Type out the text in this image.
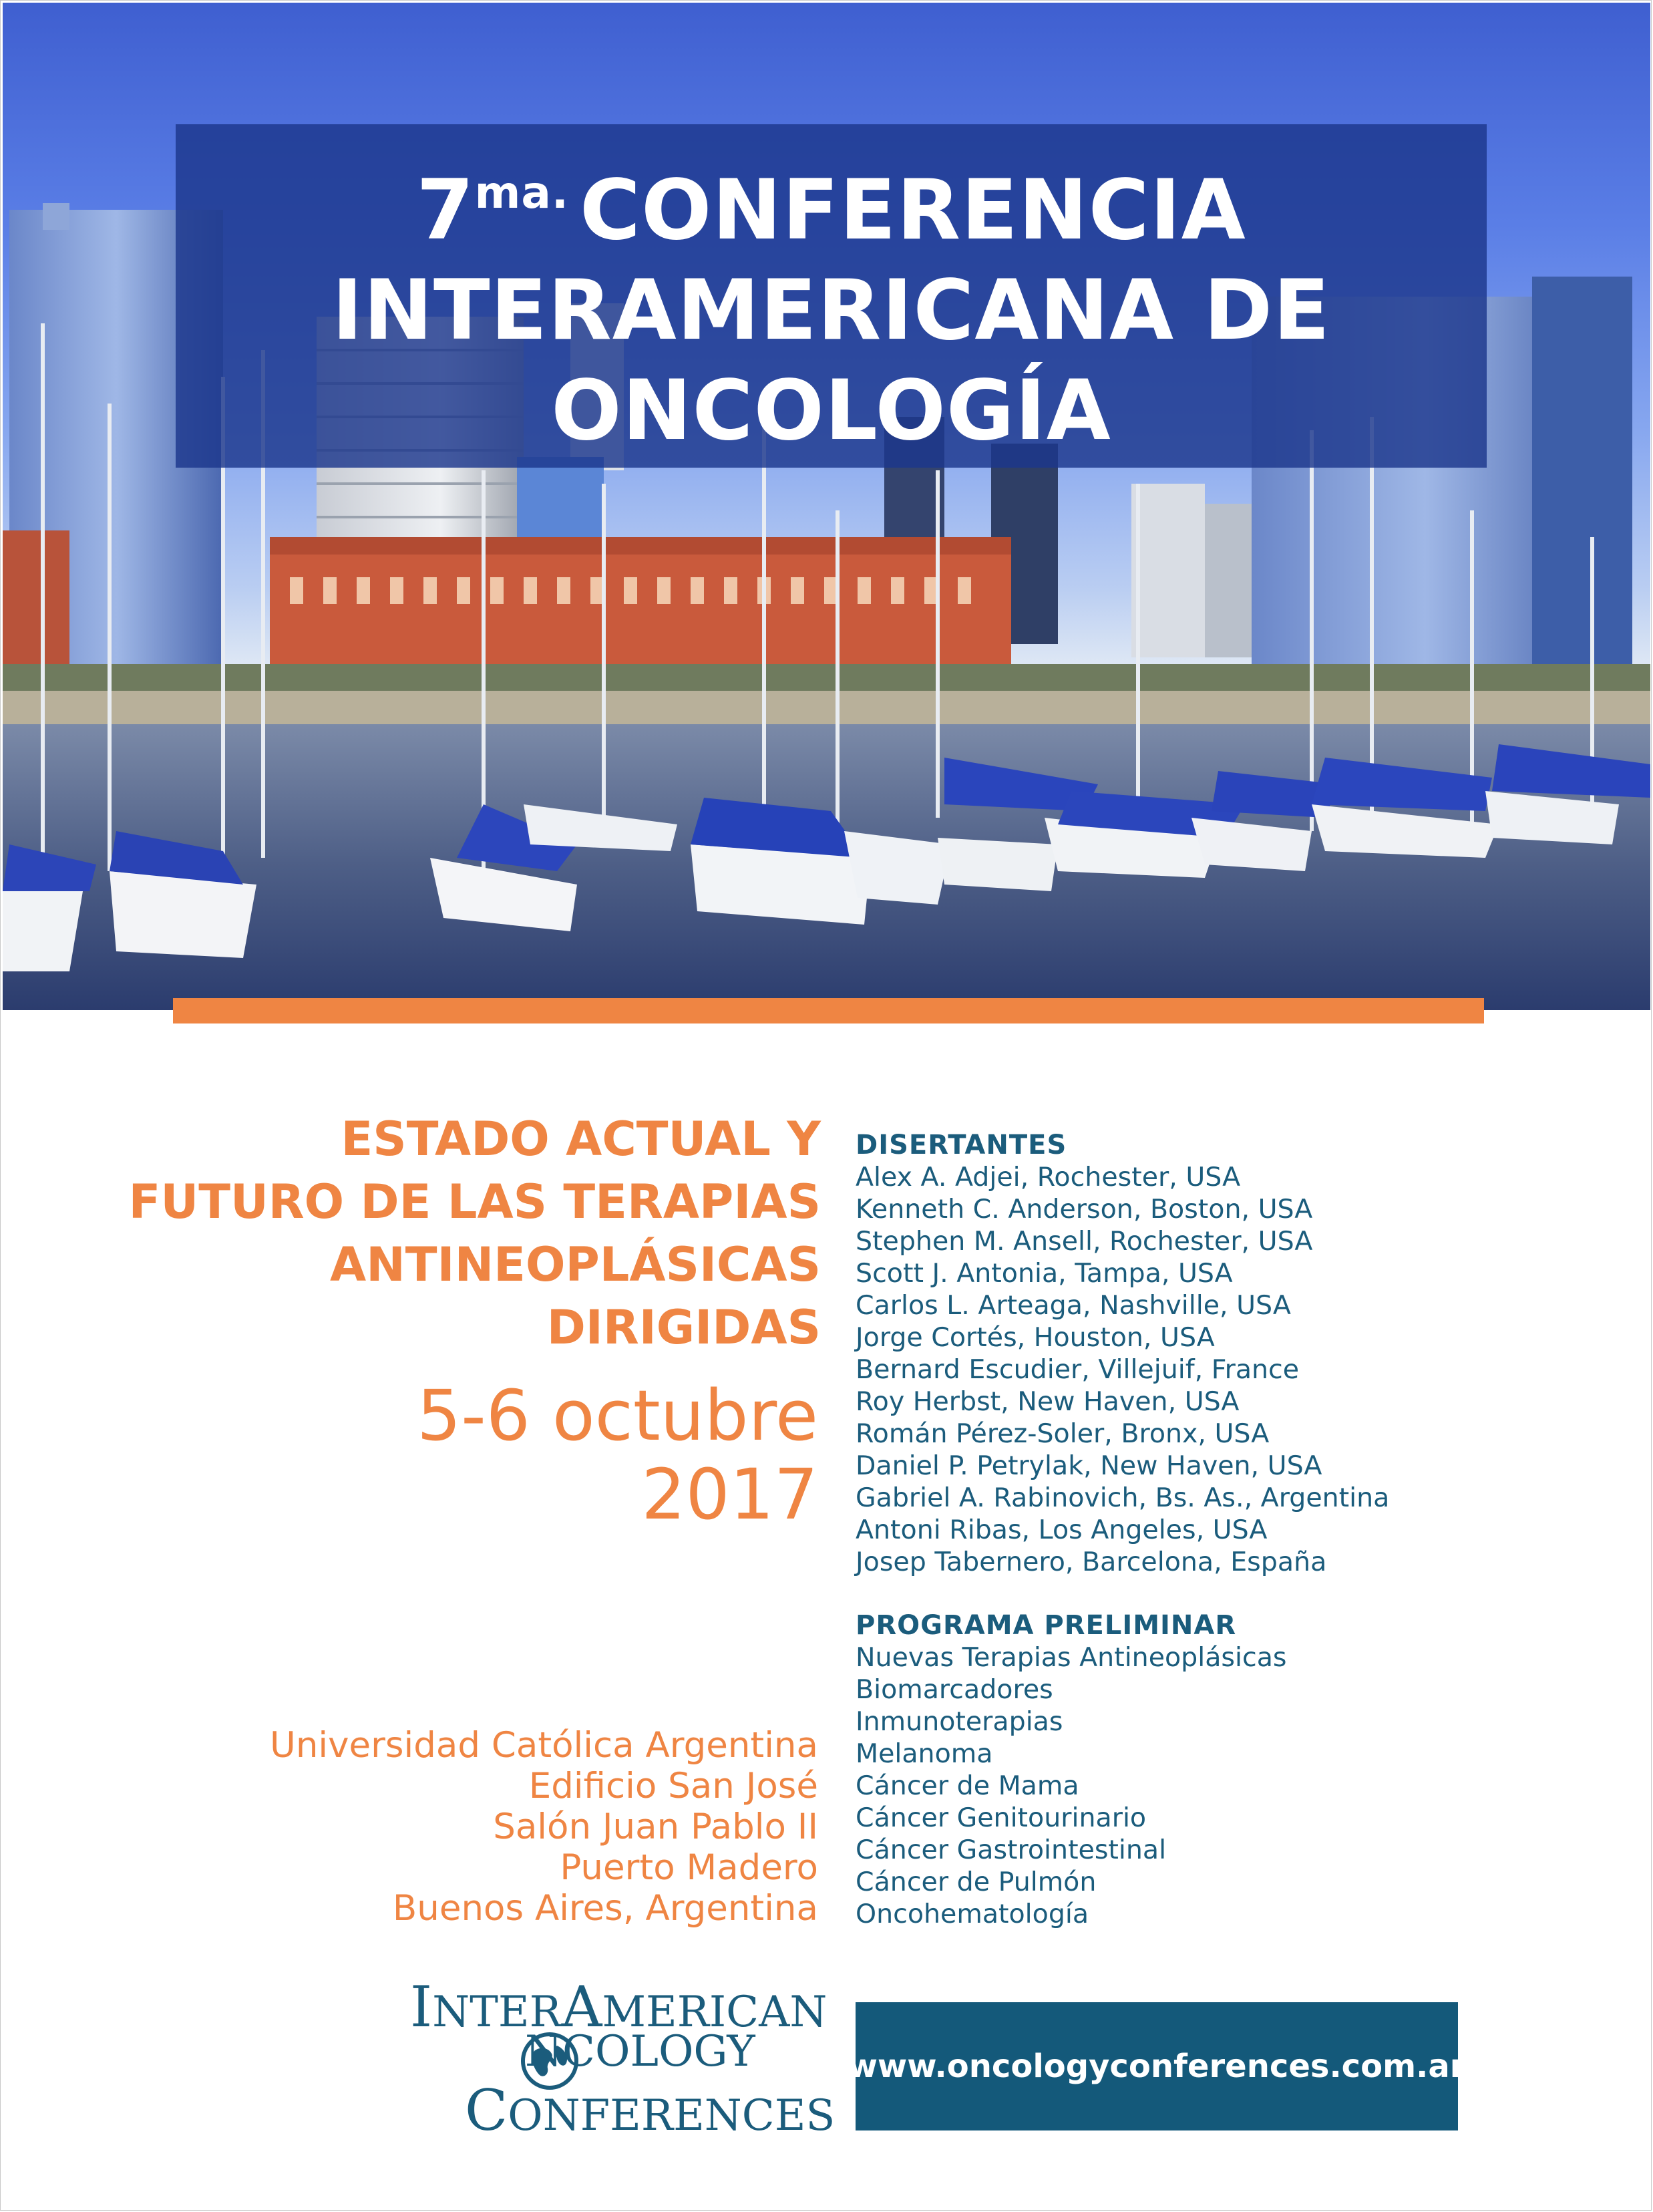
$7^{ma.}$ CONFERENCIA
INTERAMERICANA DE
ONCOLOGÍA
ESTADO ACTUAL Y
FUTURO DE LAS TERAPIAS
ANTINEOPLÁSICAS
DIRIGIDAS
5-6 octubre
2017
Universidad Católica Argentina
Edificio San José
Salón Juan Pablo II
Puerto Madero
Buenos Aires, Argentina
DISERTANTES
Alex A. Adjei, Rochester, USA
Kenneth C. Anderson, Boston, USA
Stephen M. Ansell, Rochester, USA
Scott J. Antonia, Tampa, USA
Carlos L. Arteaga, Nashville, USA
Jorge Cortés, Houston, USA
Bernard Escudier, Villejuif, France
Roy Herbst, New Haven, USA
Román Pérez-Soler, Bronx, USA
Daniel P. Petrylak, New Haven, USA
Gabriel A. Rabinovich, Bs. As., Argentina
Antoni Ribas, Los Angeles, USA
Josep Tabernero, Barcelona, España
PROGRAMA PRELIMINAR
Nuevas Terapias Antineoplásicas
Biomarcadores
Inmunoterapias
Melanoma
Cáncer de Mama
Cáncer Genitourinario
Cáncer Gastrointestinal
Cáncer de Pulmón
Oncohematología
INTERAMERICAN
NCOLOGY
CONFERENCES
www.oncologyconferences.com.ar
